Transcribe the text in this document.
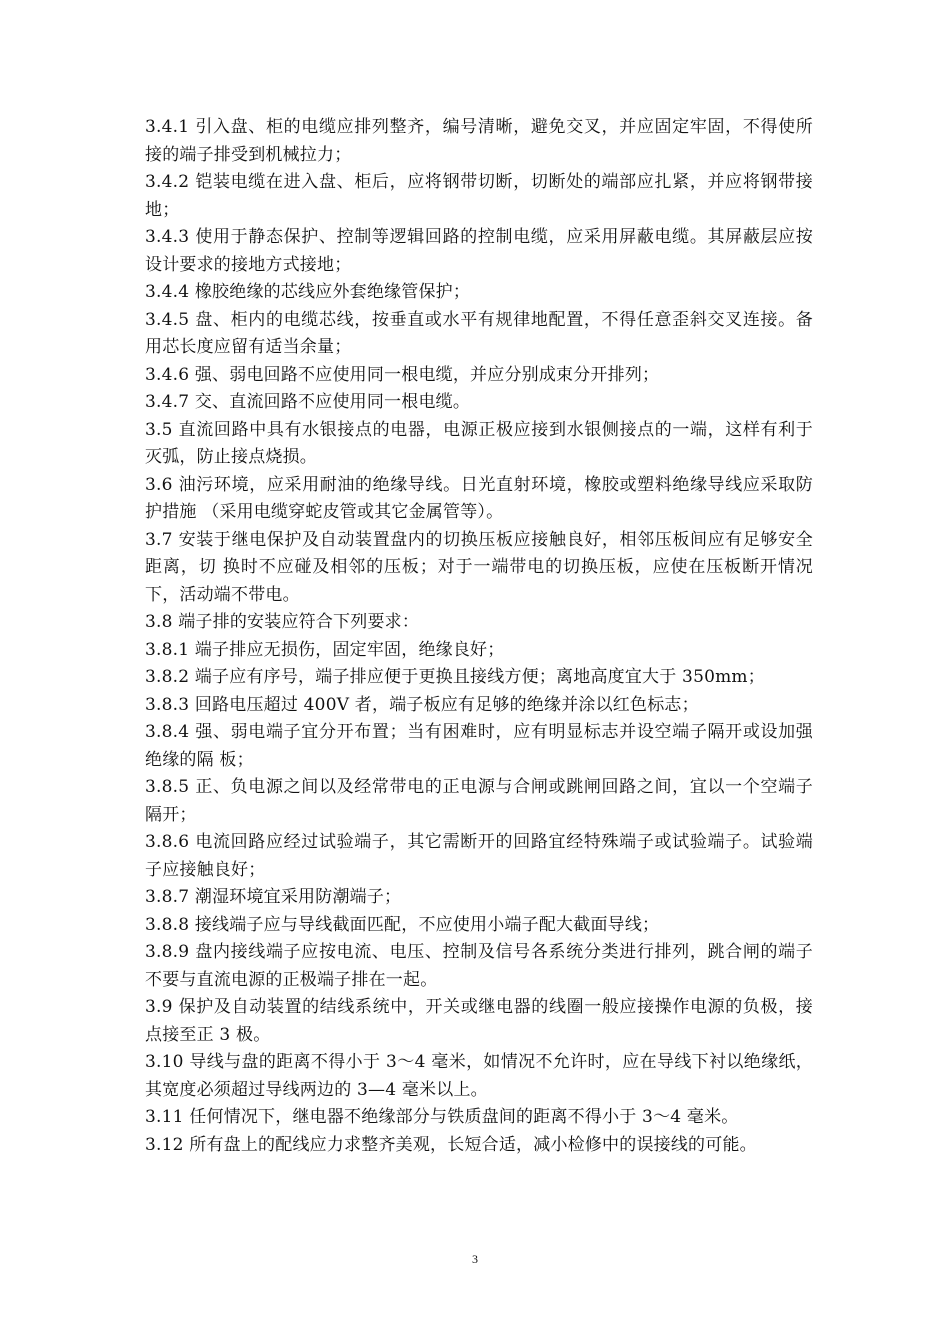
3.4.1 引入盘、柜的电缆应排列整齐，编号清晰，避免交叉，并应固定牢固，不得使所接的端子排受到机械拉力；

3.4.2 铠装电缆在进入盘、柜后，应将钢带切断，切断处的端部应扎紧，并应将钢带接地；

3.4.3 使用于静态保护、控制等逻辑回路的控制电缆，应采用屏蔽电缆。其屏蔽层应按设计要求的接地方式接地；

3.4.4 橡胶绝缘的芯线应外套绝缘管保护；

3.4.5 盘、柜内的电缆芯线，按垂直或水平有规律地配置，不得任意歪斜交叉连接。备用芯长度应留有适当余量；

3.4.6 强、弱电回路不应使用同一根电缆，并应分别成束分开排列；

3.4.7 交、直流回路不应使用同一根电缆。

3.5 直流回路中具有水银接点的电器，电源正极应接到水银侧接点的一端，这样有利于灭弧，防止接点烧损。

3.6 油污环境，应采用耐油的绝缘导线。日光直射环境，橡胶或塑料绝缘导线应采取防护措施 （采用电缆穿蛇皮管或其它金属管等）。

3.7 安装于继电保护及自动装置盘内的切换压板应接触良好，相邻压板间应有足够安全距离，切 换时不应碰及相邻的压板；对于一端带电的切换压板，应使在压板断开情况下，活动端不带电。

3.8 端子排的安装应符合下列要求：

3.8.1 端子排应无损伤，固定牢固，绝缘良好；

3.8.2 端子应有序号，端子排应便于更换且接线方便；离地高度宜大于 350mm；

3.8.3 回路电压超过 400V 者，端子板应有足够的绝缘并涂以红色标志；

3.8.4 强、弱电端子宜分开布置；当有困难时，应有明显标志并设空端子隔开或设加强绝缘的隔 板；

3.8.5 正、负电源之间以及经常带电的正电源与合闸或跳闸回路之间，宜以一个空端子隔开；

3.8.6 电流回路应经过试验端子，其它需断开的回路宜经特殊端子或试验端子。试验端子应接触良好；

3.8.7 潮湿环境宜采用防潮端子；

3.8.8 接线端子应与导线截面匹配，不应使用小端子配大截面导线；

3.8.9 盘内接线端子应按电流、电压、控制及信号各系统分类进行排列，跳合闸的端子不要与直流电源的正极端子排在一起。

3.9 保护及自动装置的结线系统中，开关或继电器的线圈一般应接操作电源的负极，接点接至正 3 极。

3.10 导线与盘的距离不得小于 3～4 毫米，如情况不允许时，应在导线下衬以绝缘纸，其宽度必须超过导线两边的 3—4 毫米以上。

3.11 任何情况下，继电器不绝缘部分与铁质盘间的距离不得小于 3～4 毫米。

3.12 所有盘上的配线应力求整齐美观，长短合适，减小检修中的误接线的可能。

3
